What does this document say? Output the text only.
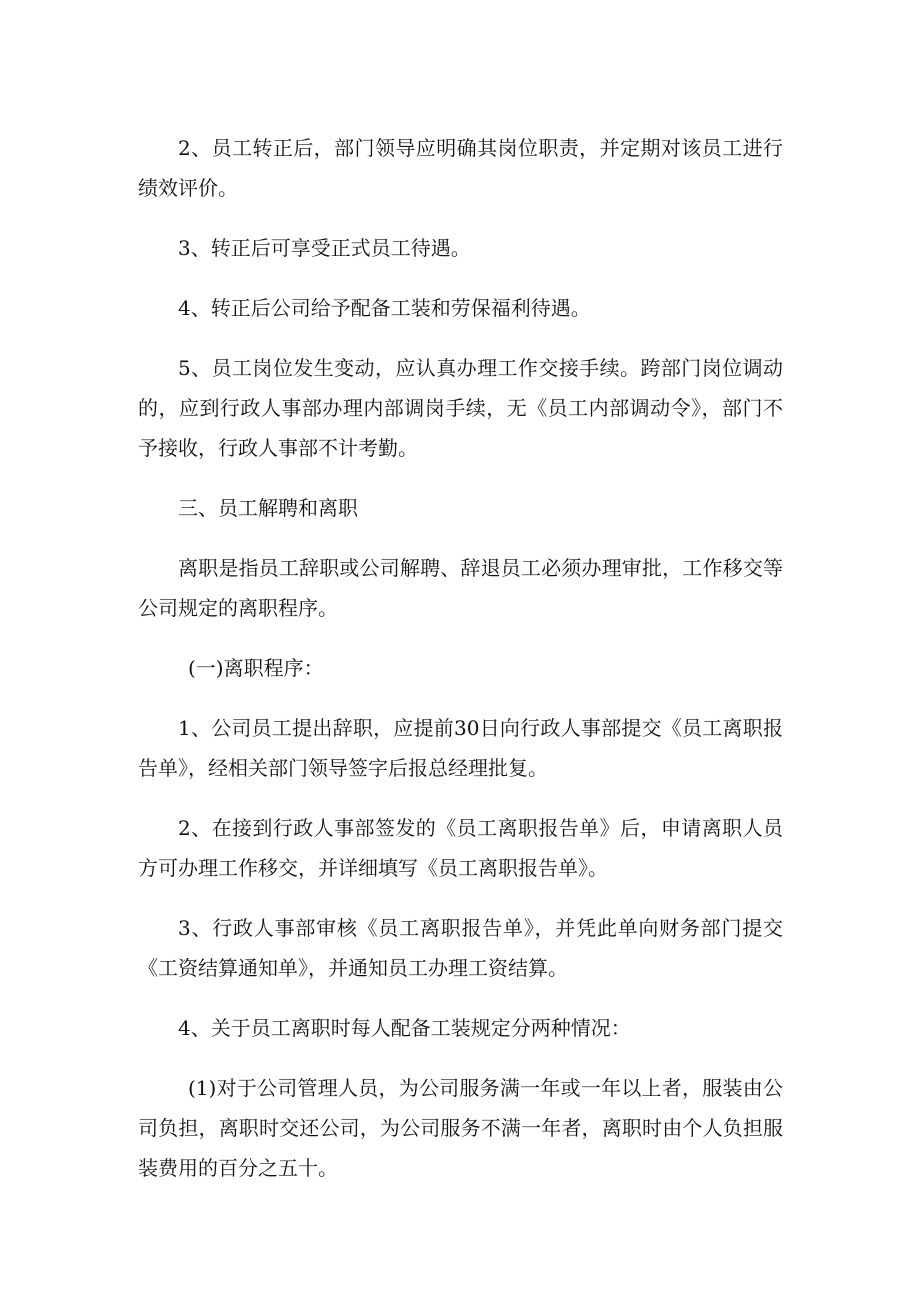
2、员工转正后，部门领导应明确其岗位职责，并定期对该员工进行绩效评价。

3、转正后可享受正式员工待遇。

4、转正后公司给予配备工装和劳保福利待遇。

5、员工岗位发生变动，应认真办理工作交接手续。跨部门岗位调动的，应到行政人事部办理内部调岗手续，无《员工内部调动令》，部门不予接收，行政人事部不计考勤。

三、员工解聘和离职

离职是指员工辞职或公司解聘、辞退员工必须办理审批，工作移交等公司规定的离职程序。

(一)离职程序：

1、公司员工提出辞职，应提前30日向行政人事部提交《员工离职报告单》，经相关部门领导签字后报总经理批复。

2、在接到行政人事部签发的《员工离职报告单》后，申请离职人员方可办理工作移交，并详细填写《员工离职报告单》。

3、行政人事部审核《员工离职报告单》，并凭此单向财务部门提交《工资结算通知单》，并通知员工办理工资结算。

4、关于员工离职时每人配备工装规定分两种情况：

(1)对于公司管理人员，为公司服务满一年或一年以上者，服装由公司负担，离职时交还公司，为公司服务不满一年者，离职时由个人负担服装费用的百分之五十。
